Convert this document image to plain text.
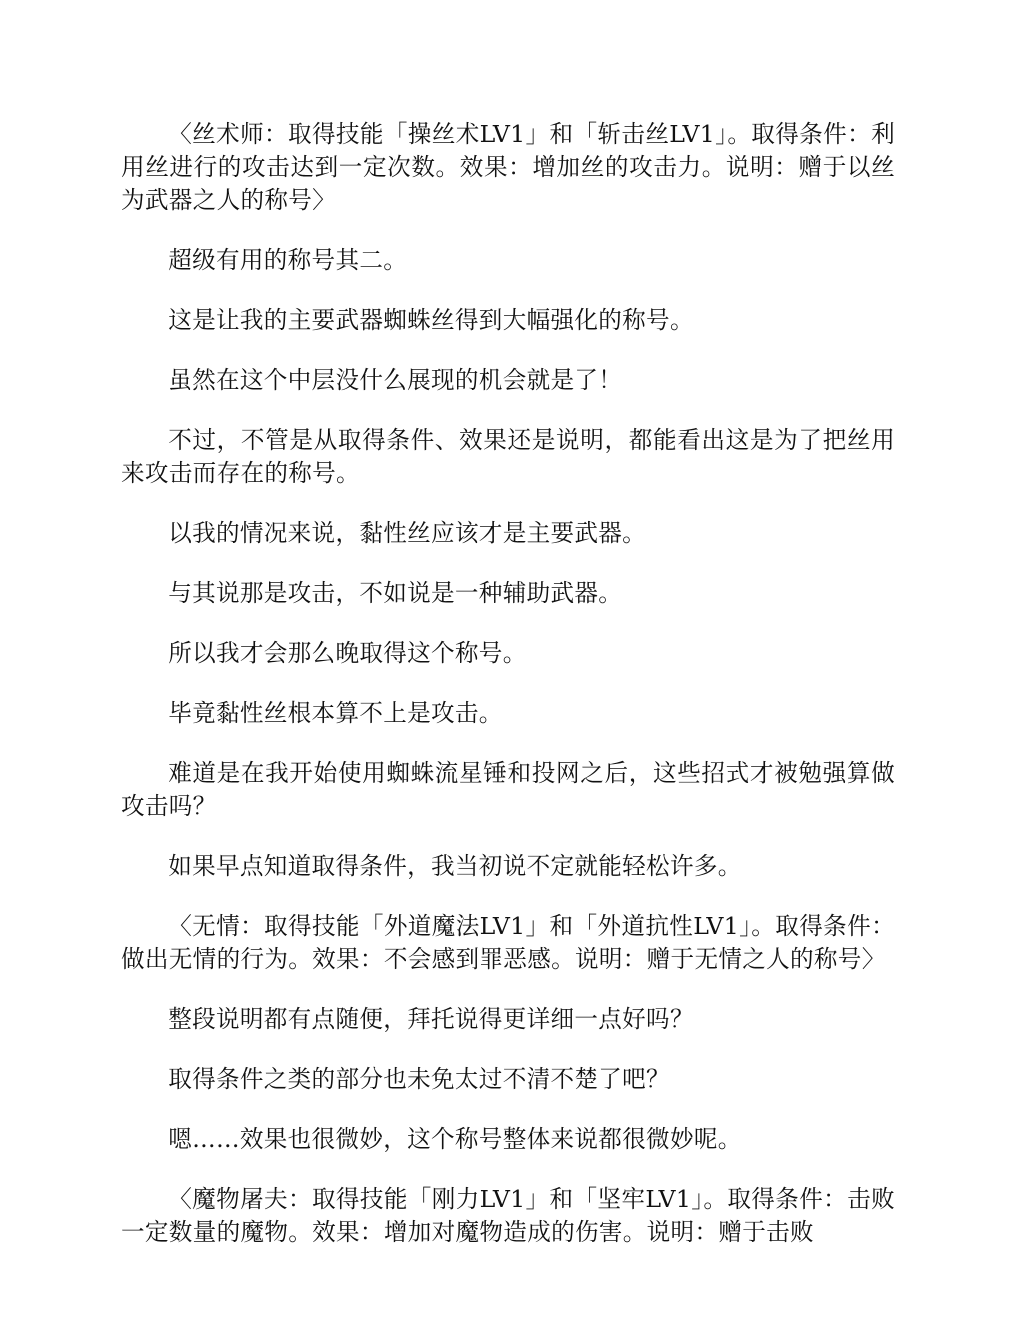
〈丝术师：取得技能「操丝术LV1」和「斩击丝LV1」。取得条件：利用丝进行的攻击达到一定次数。效果：增加丝的攻击力。说明：赠于以丝为武器之人的称号〉

超级有用的称号其二。

这是让我的主要武器蜘蛛丝得到大幅强化的称号。

虽然在这个中层没什么展现的机会就是了！

不过，不管是从取得条件、效果还是说明，都能看出这是为了把丝用来攻击而存在的称号。

以我的情况来说，黏性丝应该才是主要武器。

与其说那是攻击，不如说是一种辅助武器。

所以我才会那么晚取得这个称号。

毕竟黏性丝根本算不上是攻击。

难道是在我开始使用蜘蛛流星锤和投网之后，这些招式才被勉强算做攻击吗？

如果早点知道取得条件，我当初说不定就能轻松许多。

〈无情：取得技能「外道魔法LV1」和「外道抗性LV1」。取得条件：做出无情的行为。效果：不会感到罪恶感。说明：赠于无情之人的称号〉

整段说明都有点随便，拜托说得更详细一点好吗？

取得条件之类的部分也未免太过不清不楚了吧？

嗯……效果也很微妙，这个称号整体来说都很微妙呢。

〈魔物屠夫：取得技能「刚力LV1」和「坚牢LV1」。取得条件：击败一定数量的魔物。效果：增加对魔物造成的伤害。说明：赠于击败
